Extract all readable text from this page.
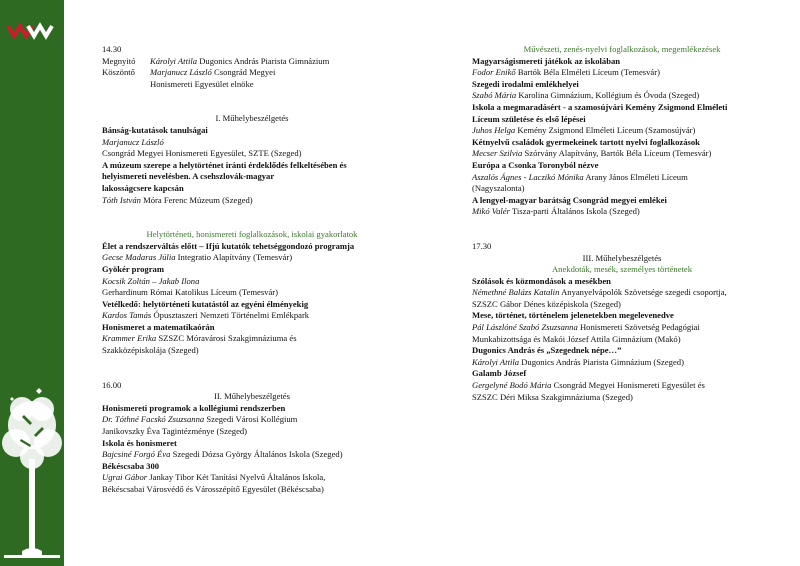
14.30
Megnyitó	Károlyi Attila Dugonics András Piarista Gimnázium
Köszöntő	Marjanucz László Csongrád Megyei
Honismereti Egyesület elnöke
I. Műhelybeszélgetés
Bánság-kutatások tanulságai
Marjanucz László
Csongrád Megyei Honismereti Egyesület, SZTE (Szeged)
A múzeum szerepe a helytörténet iránti érdeklődés felkeltésében és
helyismereti nevelésben. A csehszlovák-magyar
lakosságcsere kapcsán
Tóth István Móra Ferenc Múzeum (Szeged)
Helytörténeti, honismereti foglalkozások, iskolai gyakorlatok
Élet a rendszerváltás előtt – Ifjú kutatók tehetséggondozó programja
Gecse Madaras Júlia Integratio Alapítvány (Temesvár)
Gyökér program
Kocsik Zoltán – Jakab Ilona
Gerhardinum Római Katolikus Líceum (Temesvár)
Vetélkedő: helytörténeti kutatástól az egyéni élményekig
Kardos Tamás Ópusztaszeri Nemzeti Történelmi Emlékpark
Honismeret a matematikaórán
Krammer Erika SZSZC Móravárosi Szakgimnáziuma és
Szakközépiskolája (Szeged)
16.00
II. Műhelybeszélgetés
Honismereti programok a kollégiumi rendszerben
Dr. Tóthné Facskó Zsuzsanna Szegedi Városi Kollégium
Janikovszky Éva Tagintézménye (Szeged)
Iskola és honismeret
Bajcsiné Forgó Éva Szegedi Dózsa György Általános Iskola (Szeged)
Békéscsaba 300
Ugrai Gábor Jankay Tibor Két Tanítási Nyelvű Általános Iskola,
Békéscsabai Városvédő és Városszépítő Egyesület (Békéscsaba)
Művészeti, zenés-nyelvi foglalkozások, megemlékezések
Magyarságismereti játékok az iskolában
Fodor Enikő Bartók Béla Elméleti Líceum (Temesvár)
Szegedi irodalmi emlékhelyei
Szabó Mária Karolina Gimnázium, Kollégium és Óvoda (Szeged)
Iskola a megmaradásért - a szamosújvári Kemény Zsigmond Elméleti
Líceum születése és első lépései
Juhos Helga Kemény Zsigmond Elméleti Líceum (Szamosújvár)
Kétnyelvű családok gyermekeinek tartott nyelvi foglalkozások
Mecser Szilvia Szórvány Alapítvány, Bartók Béla Líceum (Temesvár)
Európa a Csonka Toronyból nézve
Aszalós Ágnes - Laczikó Mónika Arany János Elméleti Líceum
(Nagyszalonta)
A lengyel-magyar barátság Csongrád megyei emlékei
Mikó Valér Tisza-parti Általános Iskola (Szeged)
17.30
III. Műhelybeszélgetés
Anekdoták, mesék, személyes történetek
Szólások és közmondások a mesékben
Némethné Balázs Katalin Anyanyelvápolók Szövetsége szegedi csoportja,
SZSZC Gábor Dénes középiskola (Szeged)
Mese, történet, történelem jelenetekben megelevenedve
Pál Lászlóné Szabó Zsuzsanna Honismereti Szövetség Pedagógiai
Munkabizottsága és Makói József Attila Gimnázium (Makó)
Dugonics András és „Szegednek népe…”
Károlyi Attila Dugonics András Piarista Gimnázium (Szeged)
Galamb József
Gergelyné Bodó Mária Csongrád Megyei Honismereti Egyesület és
SZSZC Déri Miksa Szakgimnáziuma (Szeged)
